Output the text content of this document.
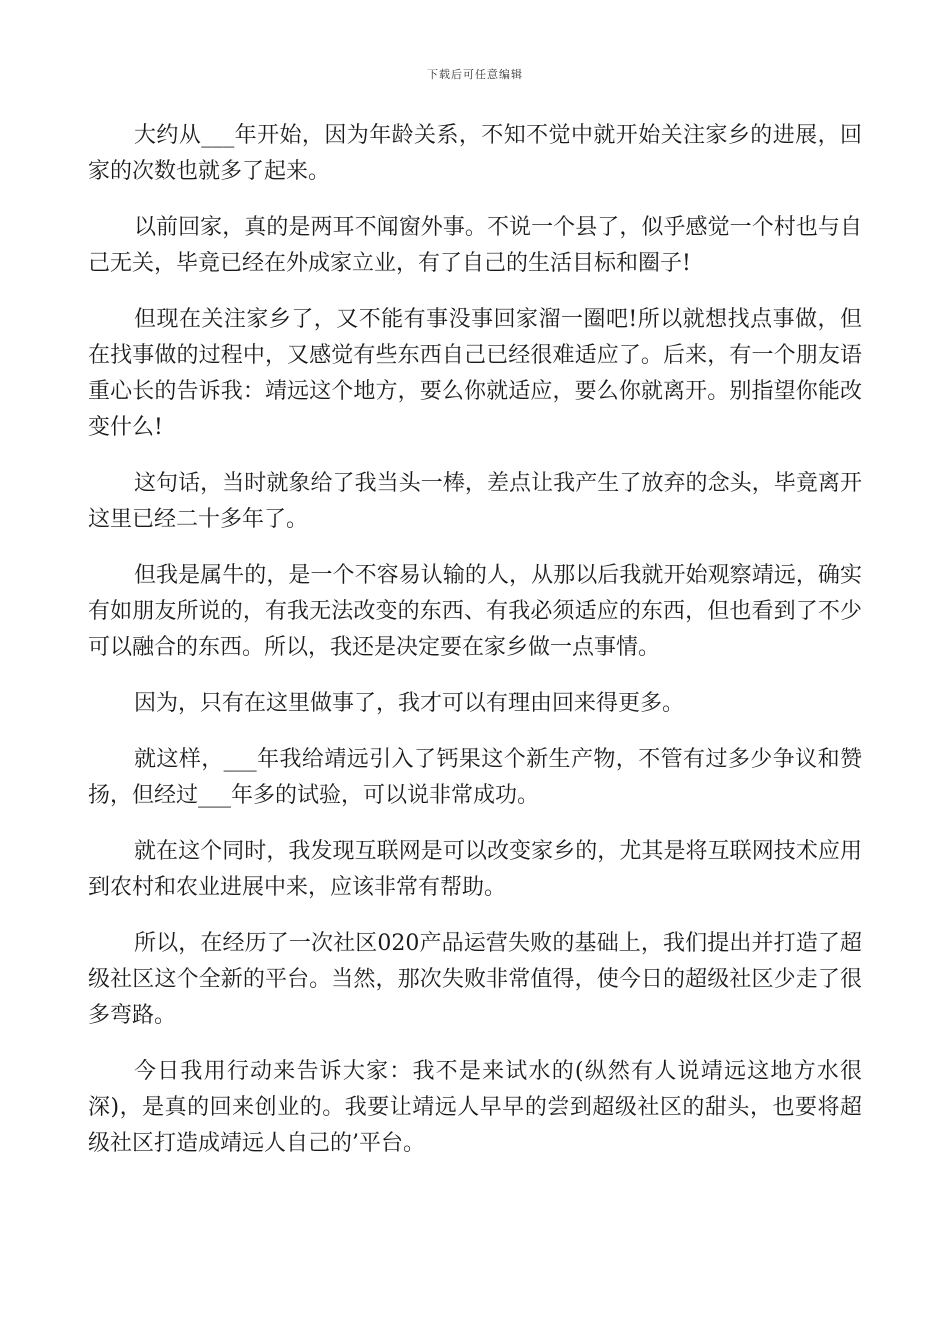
下载后可任意编辑

大约从___年开始，因为年龄关系，不知不觉中就开始关注家乡的进展，回家的次数也就多了起来。

以前回家，真的是两耳不闻窗外事。不说一个县了，似乎感觉一个村也与自己无关，毕竟已经在外成家立业，有了自己的生活目标和圈子!

但现在关注家乡了，又不能有事没事回家溜一圈吧!所以就想找点事做，但在找事做的过程中，又感觉有些东西自己已经很难适应了。后来，有一个朋友语重心长的告诉我：靖远这个地方，要么你就适应，要么你就离开。别指望你能改变什么!

这句话，当时就象给了我当头一棒，差点让我产生了放弃的念头，毕竟离开这里已经二十多年了。

但我是属牛的，是一个不容易认输的人，从那以后我就开始观察靖远，确实有如朋友所说的，有我无法改变的东西、有我必须适应的东西，但也看到了不少可以融合的东西。所以，我还是决定要在家乡做一点事情。

因为，只有在这里做事了，我才可以有理由回来得更多。

就这样，___年我给靖远引入了钙果这个新生产物，不管有过多少争议和赞扬，但经过___年多的试验，可以说非常成功。

就在这个同时，我发现互联网是可以改变家乡的，尤其是将互联网技术应用到农村和农业进展中来，应该非常有帮助。

所以，在经历了一次社区020产品运营失败的基础上，我们提出并打造了超级社区这个全新的平台。当然，那次失败非常值得，使今日的超级社区少走了很多弯路。

今日我用行动来告诉大家：我不是来试水的(纵然有人说靖远这地方水很深)，是真的回来创业的。我要让靖远人早早的尝到超级社区的甜头，也要将超级社区打造成靖远人自己的’平台。
